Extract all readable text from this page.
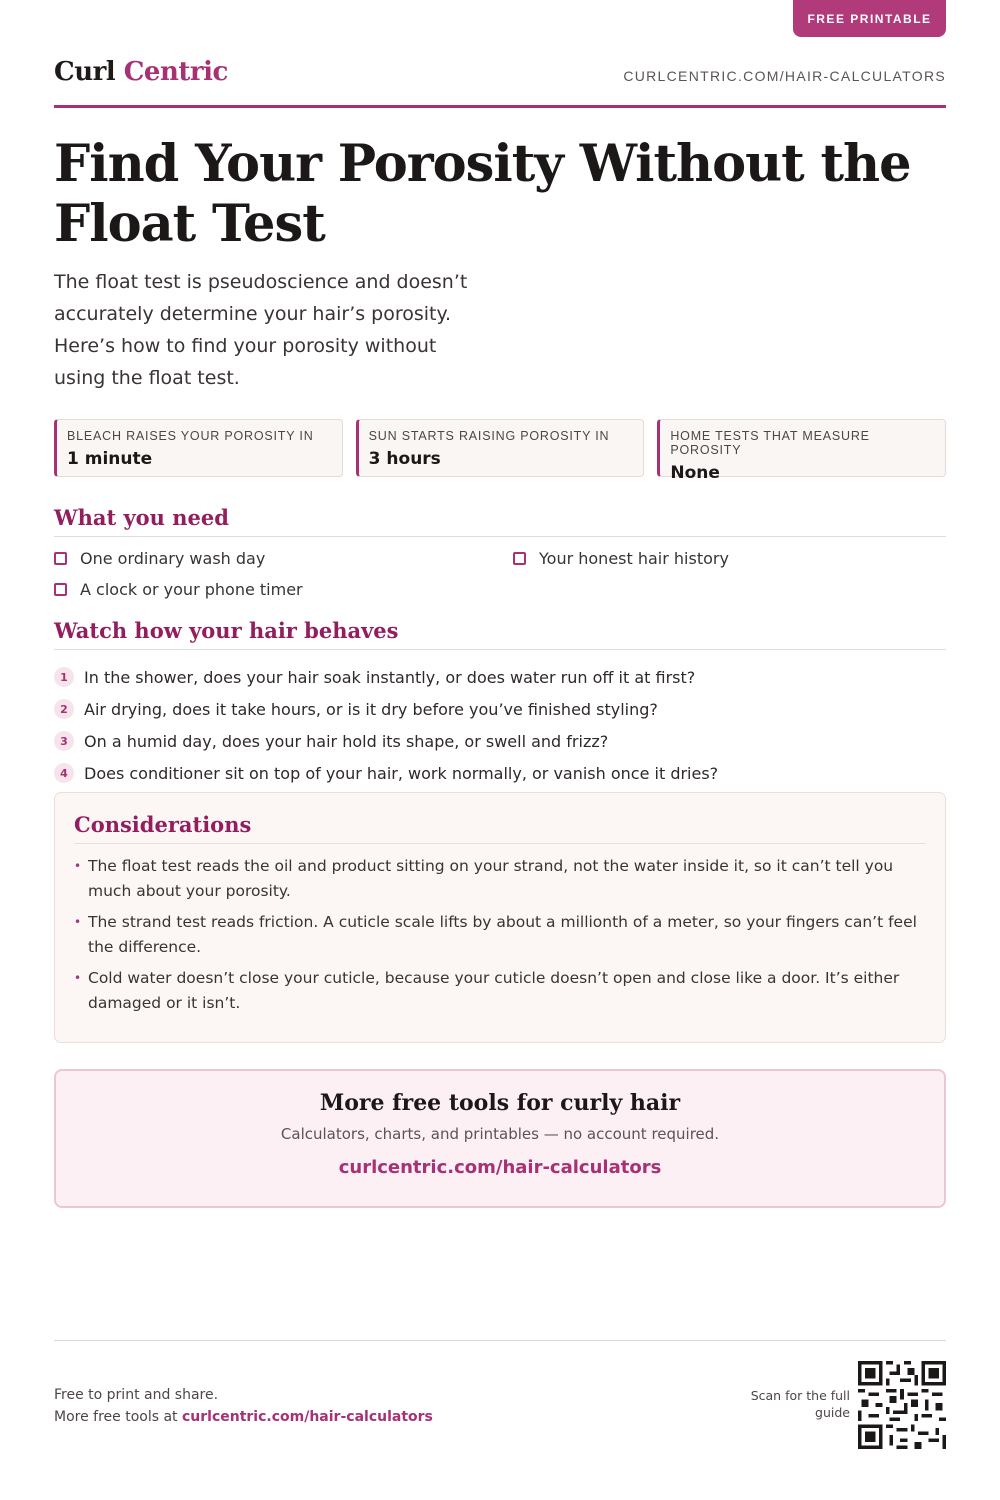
FREE PRINTABLE
Curl Centric	CURLCENTRIC.COM/HAIR-CALCULATORS
Find Your Porosity Without the Float Test

The float test is pseudoscience and doesn’t accurately determine your hair’s porosity. Here’s how to find your porosity without using the float test.

BLEACH RAISES YOUR POROSITY IN
1 minute
SUN STARTS RAISING POROSITY IN
3 hours
HOME TESTS THAT MEASURE POROSITY
None
What you need
One ordinary wash day
A clock or your phone timer
Your honest hair history
Watch how your hair behaves
1	In the shower, does your hair soak instantly, or does water run off it at first?
2	Air drying, does it take hours, or is it dry before you’ve finished styling?
3	On a humid day, does your hair hold its shape, or swell and frizz?
4	Does conditioner sit on top of your hair, work normally, or vanish once it dries?
Considerations
• The float test reads the oil and product sitting on your strand, not the water inside it, so it can’t tell you much about your porosity.
• The strand test reads friction. A cuticle scale lifts by about a millionth of a meter, so your fingers can’t feel the difference.
• Cold water doesn’t close your cuticle, because your cuticle doesn’t open and close like a door. It’s either damaged or it isn’t.
More free tools for curly hair
Calculators, charts, and printables — no account required.
curlcentric.com/hair-calculators
Free to print and share.
More free tools at curlcentric.com/hair-calculators
Scan for the full guide
